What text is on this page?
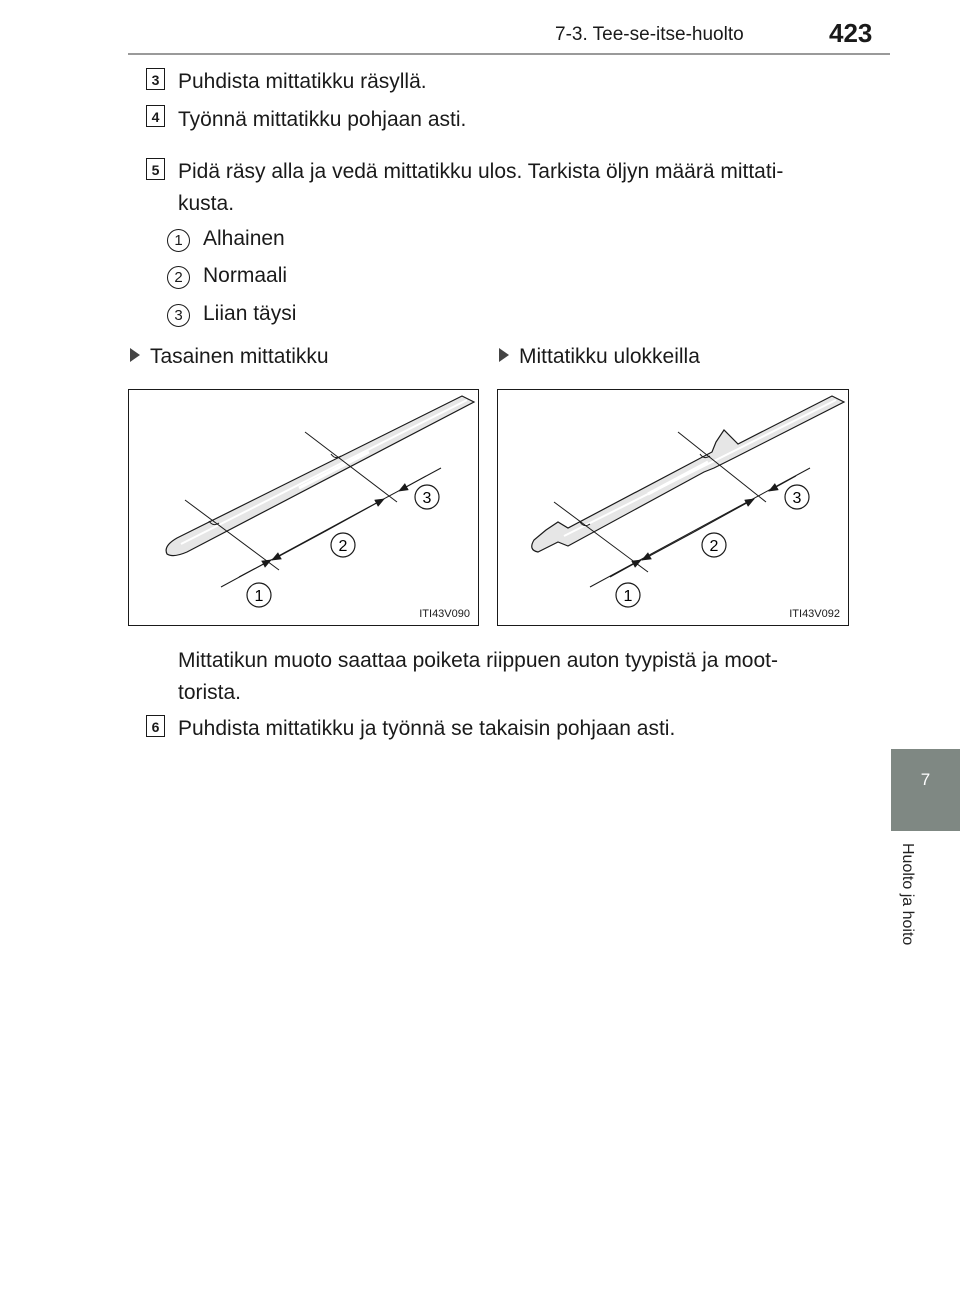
7-3. Tee-se-itse-huolto	423
7
Huolto ja hoito
3 Puhdista mittatikku räsyllä.
4 Työnnä mittatikku pohjaan asti.
5 Pidä räsy alla ja vedä mittatikku ulos. Tarkista öljyn määrä mittati-
kusta.
1 Alhainen
2 Normaali
3 Liian täysi
Tasainen mittatikku	Mittatikku ulokkeilla
1
2
3
ITI43V090
1
2
3
ITI43V092
Mittatikun muoto saattaa poiketa riippuen auton tyypistä ja moot-
torista.
6 Puhdista mittatikku ja työnnä se takaisin pohjaan asti.
